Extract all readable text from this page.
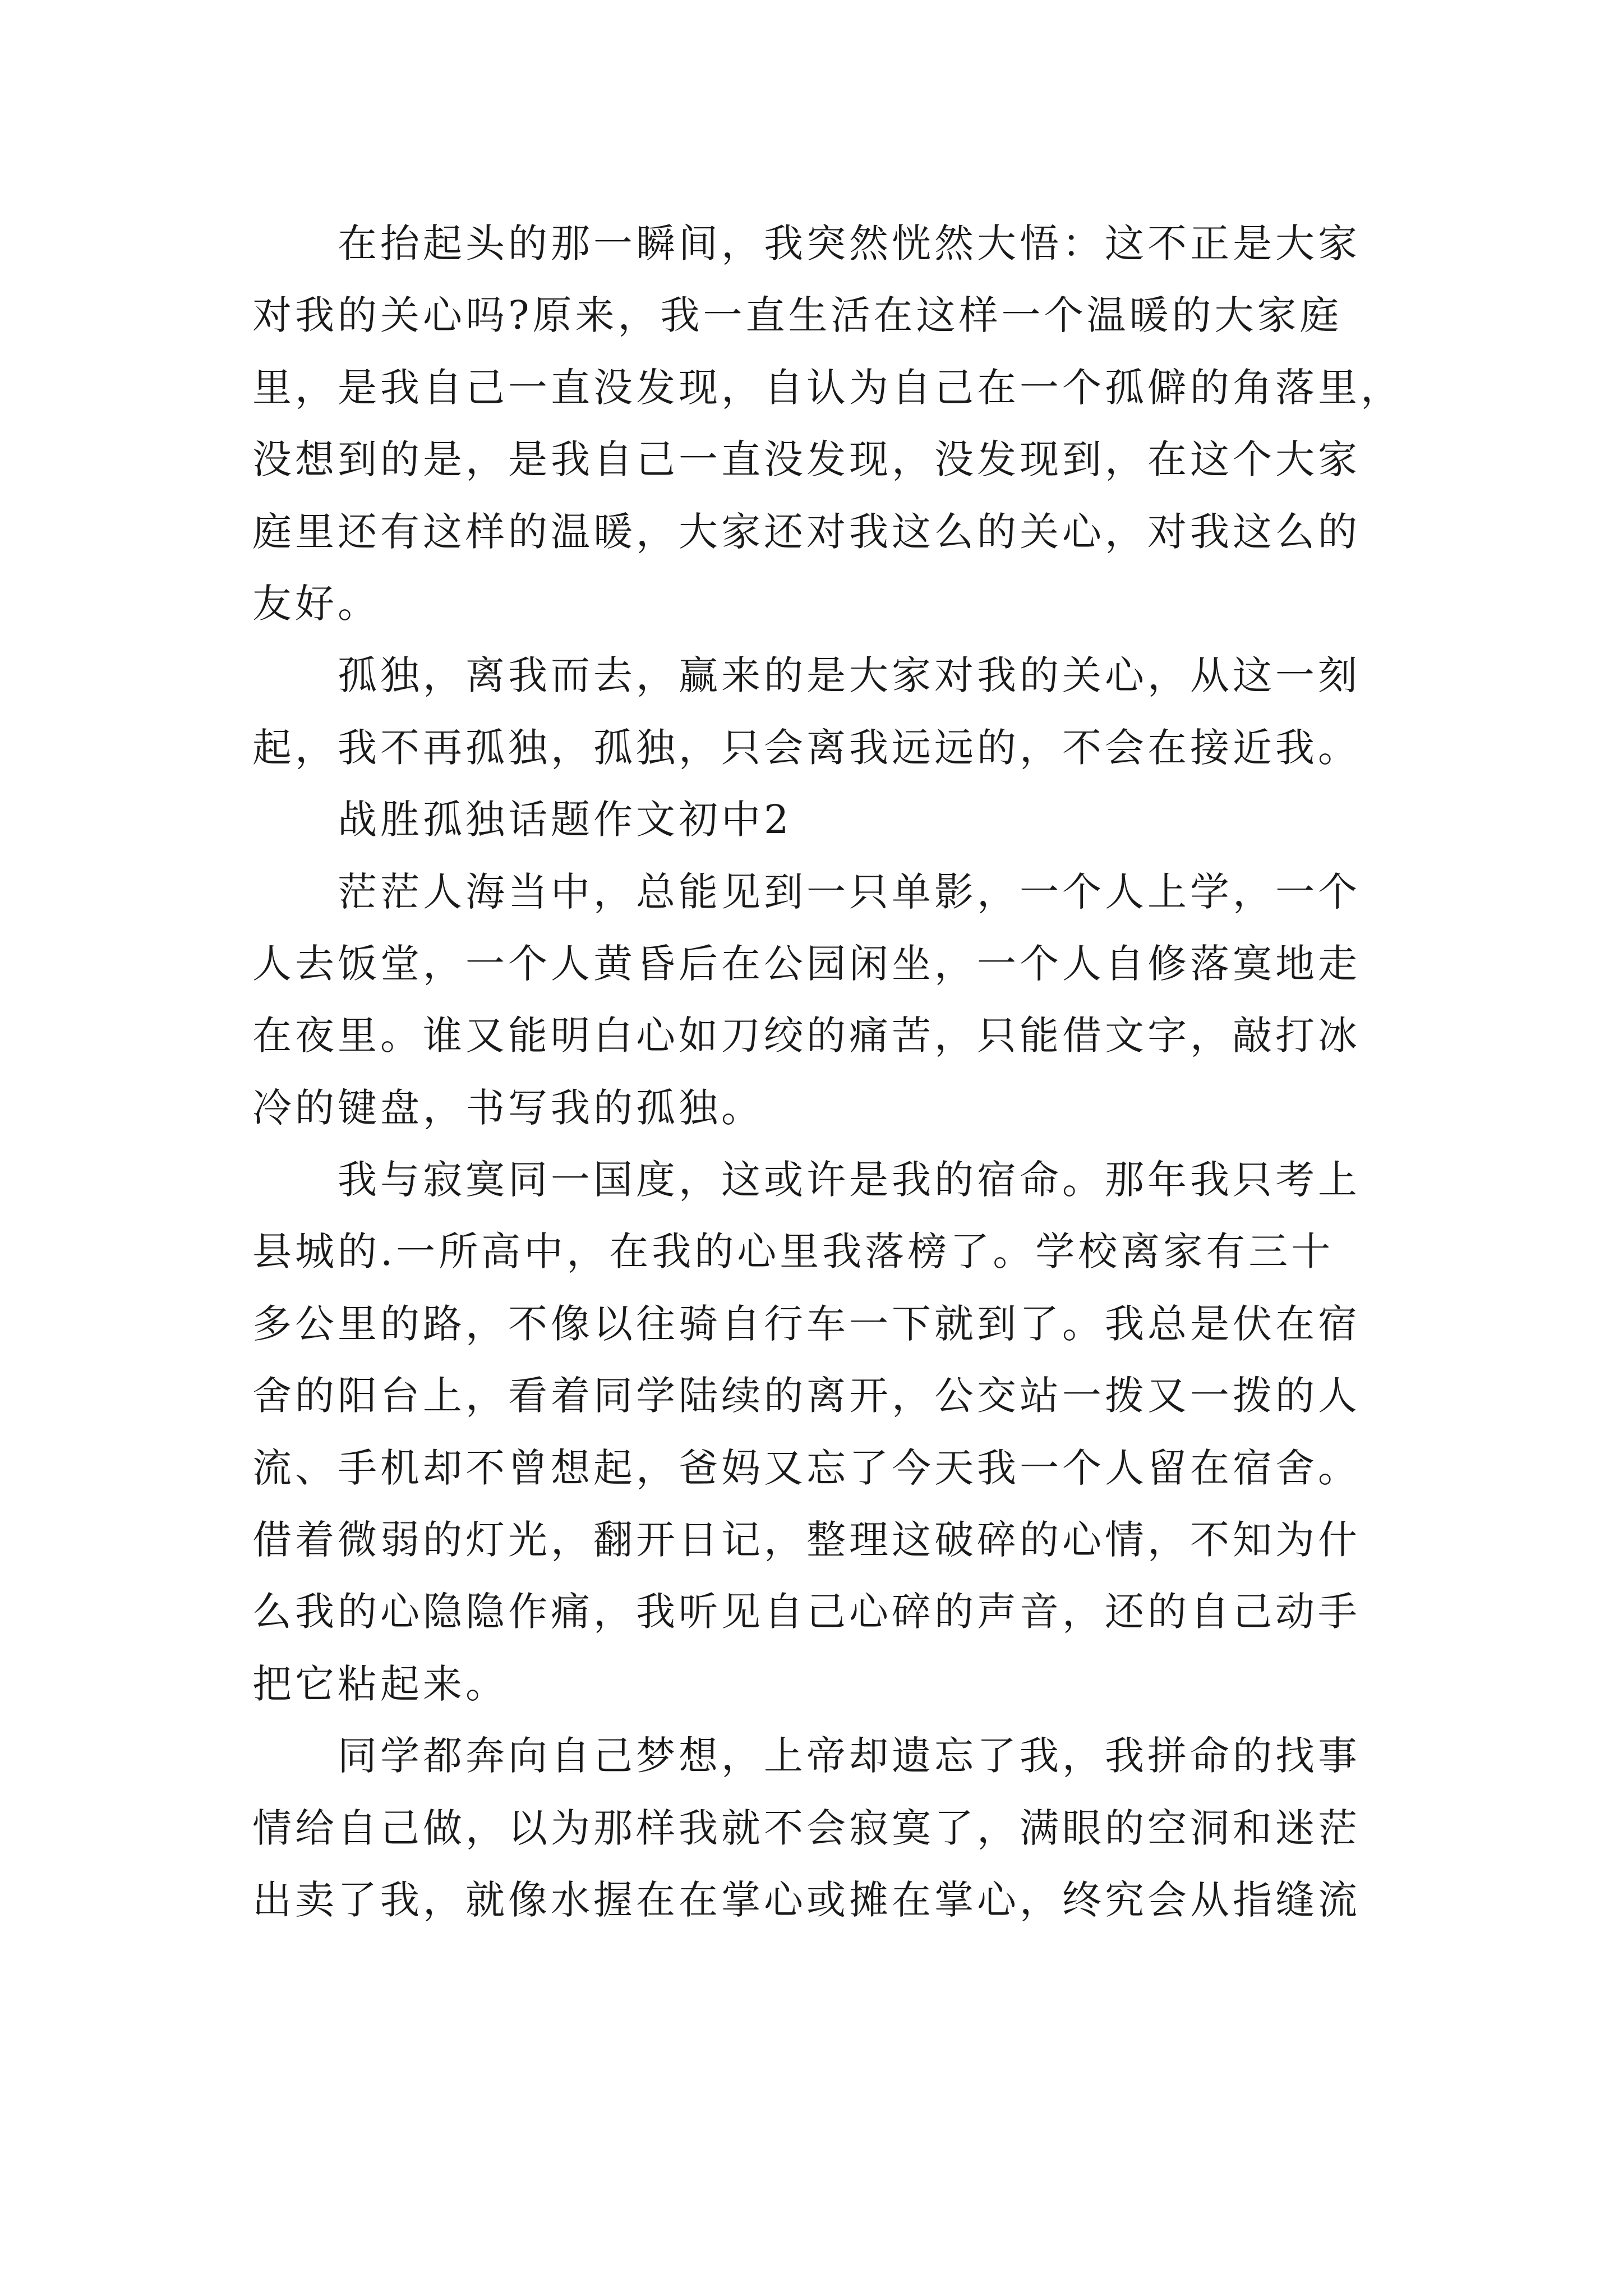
在抬起头的那一瞬间，我突然恍然大悟：这不正是大家
对我的关心吗?原来，我一直生活在这样一个温暖的大家庭
里，是我自己一直没发现，自认为自己在一个孤僻的角落里，
没想到的是，是我自己一直没发现，没发现到，在这个大家
庭里还有这样的温暖，大家还对我这么的关心，对我这么的
友好。
孤独，离我而去，赢来的是大家对我的关心，从这一刻
起，我不再孤独，孤独，只会离我远远的，不会在接近我。
战胜孤独话题作文初中2
茫茫人海当中，总能见到一只单影，一个人上学，一个
人去饭堂，一个人黄昏后在公园闲坐，一个人自修落寞地走
在夜里。谁又能明白心如刀绞的痛苦，只能借文字，敲打冰
冷的键盘，书写我的孤独。
我与寂寞同一国度，这或许是我的宿命。那年我只考上
县城的.一所高中，在我的心里我落榜了。学校离家有三十
多公里的路，不像以往骑自行车一下就到了。我总是伏在宿
舍的阳台上，看着同学陆续的离开，公交站一拨又一拨的人
流、手机却不曾想起，爸妈又忘了今天我一个人留在宿舍。
借着微弱的灯光，翻开日记，整理这破碎的心情，不知为什
么我的心隐隐作痛，我听见自己心碎的声音，还的自己动手
把它粘起来。
同学都奔向自己梦想，上帝却遗忘了我，我拼命的找事
情给自己做，以为那样我就不会寂寞了，满眼的空洞和迷茫
出卖了我，就像水握在在掌心或摊在掌心，终究会从指缝流
